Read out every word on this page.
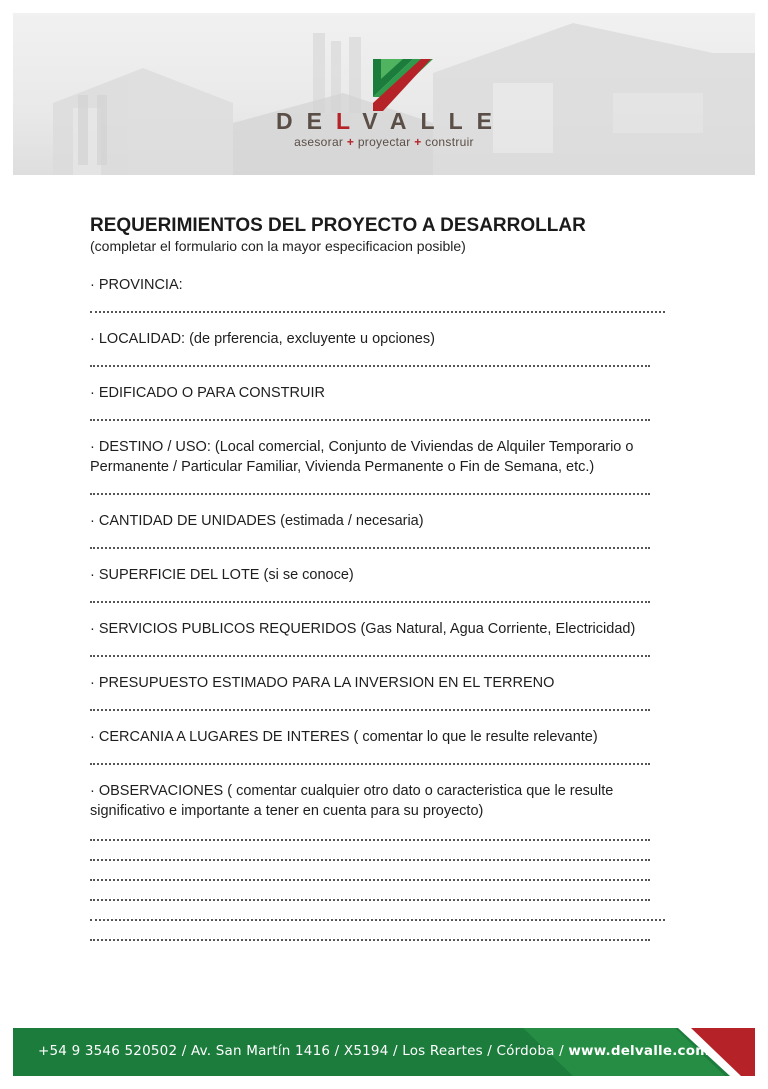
DELVALLE
asesorar + proyectar + construir
REQUERIMIENTOS DEL PROYECTO A DESARROLLAR

(completar el formulario con la mayor especificacion posible)

· PROVINCIA:
· LOCALIDAD: (de prferencia, excluyente u opciones)
· EDIFICADO O PARA CONSTRUIR
· DESTINO / USO: (Local comercial, Conjunto de Viviendas de Alquiler Temporario o Permanente / Particular Familiar, Vivienda Permanente o Fin de Semana, etc.)
· CANTIDAD DE UNIDADES (estimada / necesaria)
· SUPERFICIE DEL LOTE (si se conoce)
· SERVICIOS PUBLICOS REQUERIDOS (Gas Natural, Agua Corriente, Electricidad)
· PRESUPUESTO ESTIMADO PARA LA INVERSION EN EL TERRENO
· CERCANIA A LUGARES DE INTERES ( comentar lo que le resulte relevante)
· OBSERVACIONES ( comentar cualquier otro dato o caracteristica que le resulte significativo e importante a tener en cuenta para su proyecto)
+54 9 3546 520502 / Av. San Martín 1416 / X5194 / Los Reartes / Córdoba / www.delvalle.com
